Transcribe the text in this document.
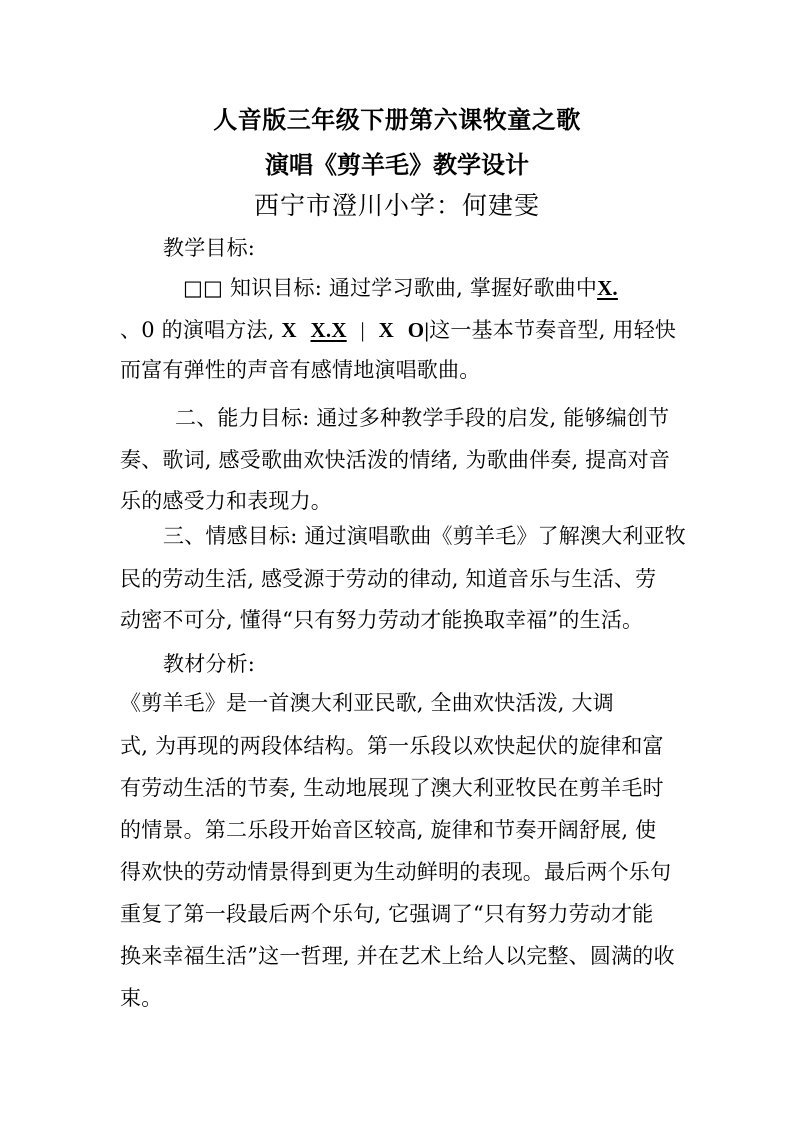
人音版三年级下册第六课牧童之歌
演唱《剪羊毛》教学设计
西宁市澄川小学：何建雯
教学目标:
□□ 知识目标: 通过学习歌曲, 掌握好歌曲中X.
、0 的演唱方法, X X.X | X O|这一基本节奏音型, 用轻快
而富有弹性的声音有感情地演唱歌曲。
二、能力目标: 通过多种教学手段的启发, 能够编创节
奏、歌词, 感受歌曲欢快活泼的情绪, 为歌曲伴奏, 提高对音
乐的感受力和表现力。
三、情感目标: 通过演唱歌曲《剪羊毛》了解澳大利亚牧
民的劳动生活, 感受源于劳动的律动, 知道音乐与生活、劳
动密不可分, 懂得“只有努力劳动才能换取幸福”的生活。
教材分析:
《剪羊毛》是一首澳大利亚民歌, 全曲欢快活泼, 大调
式, 为再现的两段体结构。第一乐段以欢快起伏的旋律和富
有劳动生活的节奏, 生动地展现了澳大利亚牧民在剪羊毛时
的情景。第二乐段开始音区较高, 旋律和节奏开阔舒展, 使
得欢快的劳动情景得到更为生动鲜明的表现。最后两个乐句
重复了第一段最后两个乐句, 它强调了“只有努力劳动才能
换来幸福生活”这一哲理, 并在艺术上给人以完整、圆满的收
束。
